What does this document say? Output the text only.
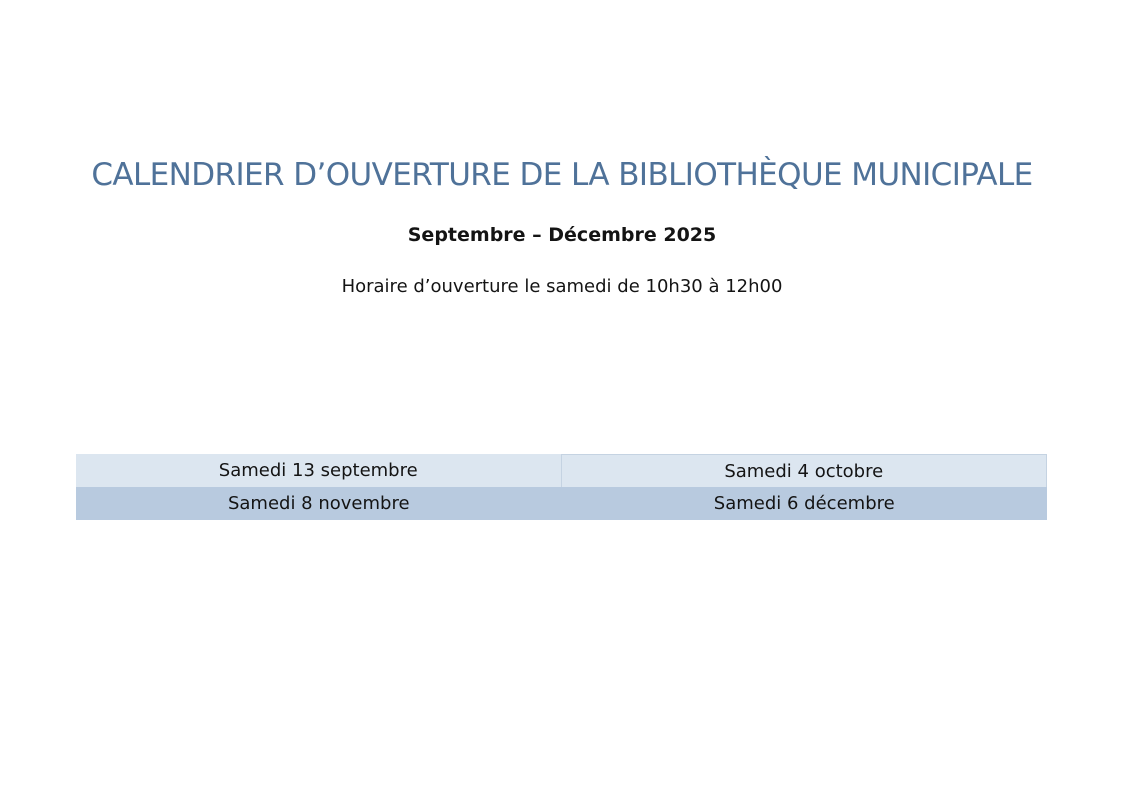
CALENDRIER D’OUVERTURE DE LA BIBLIOTHÈQUE MUNICIPALE
Septembre – Décembre 2025
Horaire d’ouverture le samedi de 10h30 à 12h00
Samedi 13 septembre	Samedi 4 octobre
Samedi 8 novembre	Samedi 6 décembre
